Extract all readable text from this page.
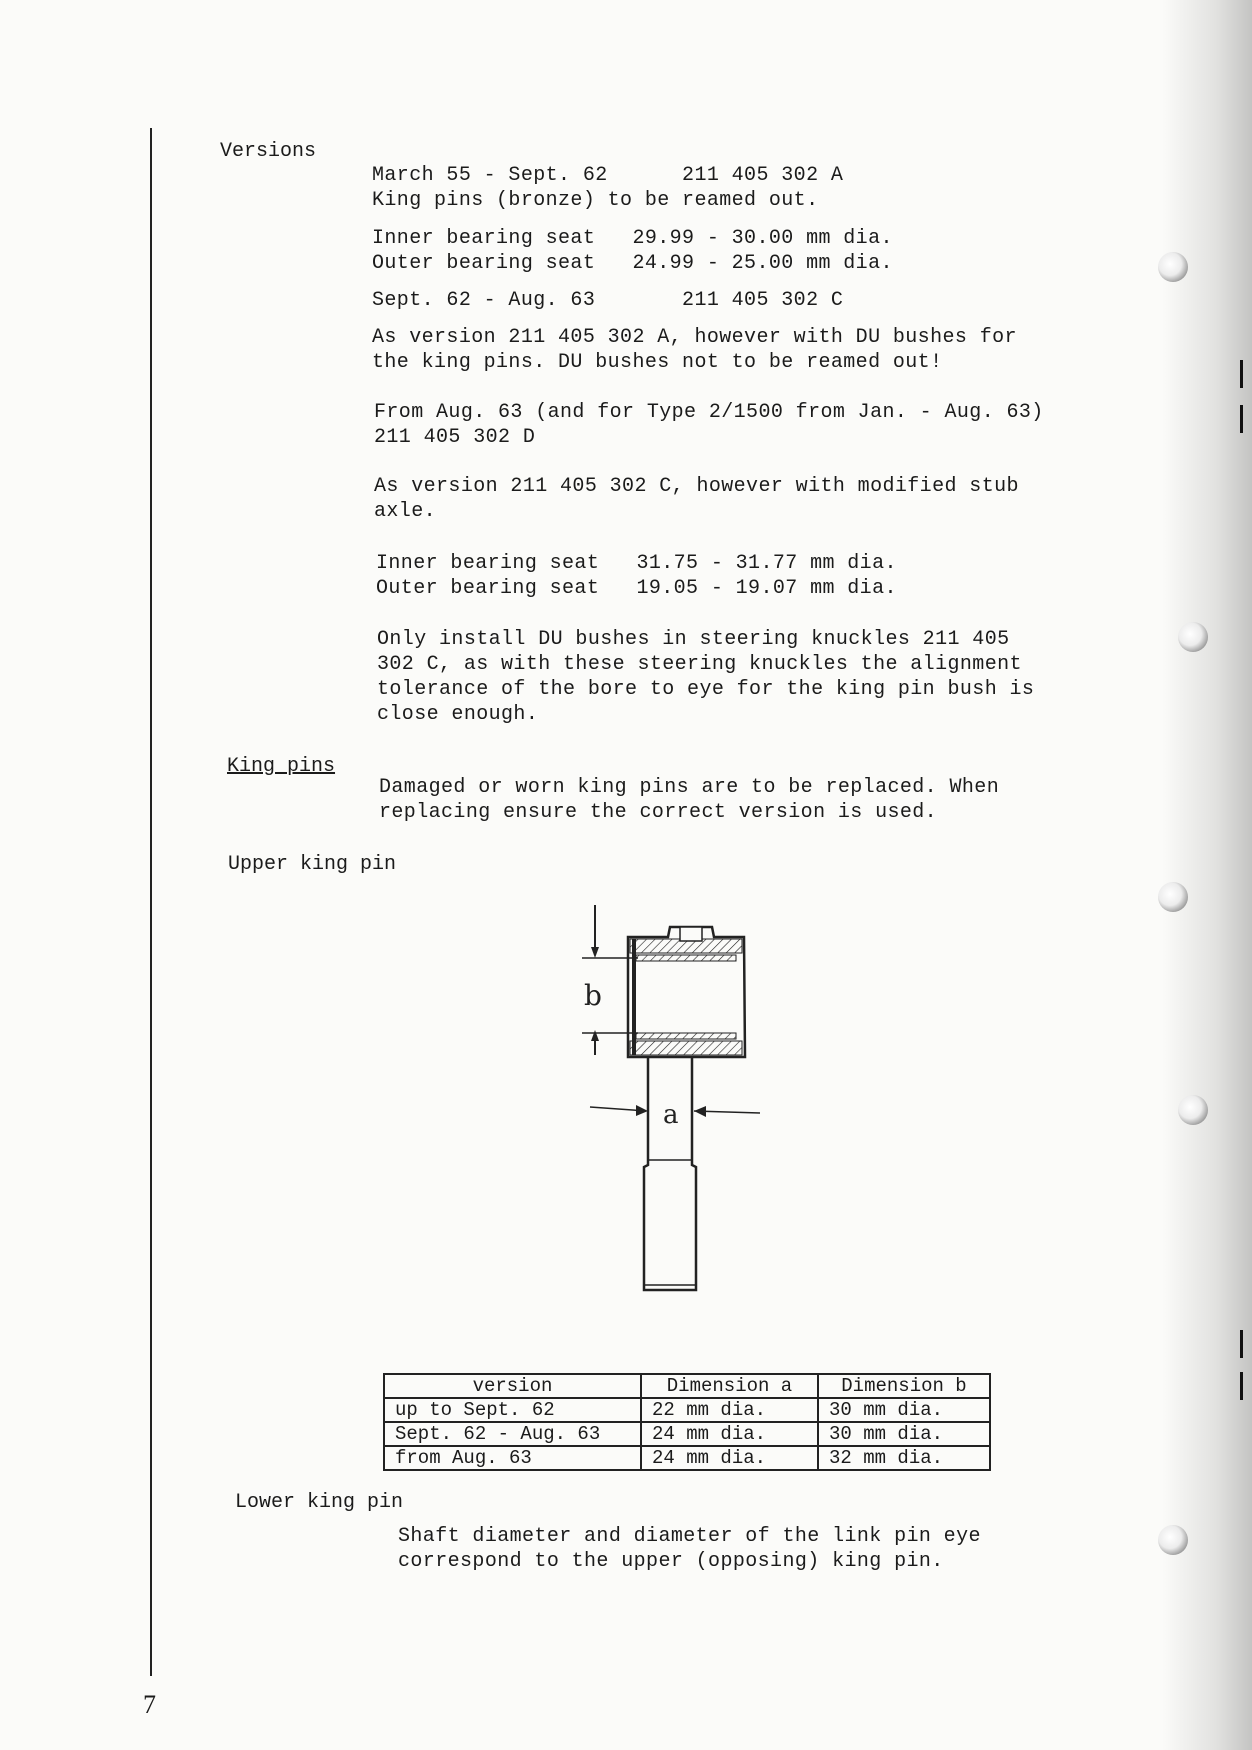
Versions
March 55 - Sept. 62      211 405 302 A
King pins (bronze) to be reamed out.
Inner bearing seat   29.99 - 30.00 mm dia.
Outer bearing seat   24.99 - 25.00 mm dia.
Sept. 62 - Aug. 63       211 405 302 C
As version 211 405 302 A, however with DU bushes for
the king pins. DU bushes not to be reamed out!
From Aug. 63 (and for Type 2/1500 from Jan. - Aug. 63)
211 405 302 D
As version 211 405 302 C, however with modified stub
axle.
Inner bearing seat   31.75 - 31.77 mm dia.
Outer bearing seat   19.05 - 19.07 mm dia.
Only install DU bushes in steering knuckles 211 405
302 C, as with these steering knuckles the alignment
tolerance of the bore to eye for the king pin bush is
close enough.
King pins
Damaged or worn king pins are to be replaced. When
replacing ensure the correct version is used.
Upper king pin
b
a
version	Dimension a	Dimension b
up to Sept. 62	22 mm dia.	30 mm dia.
Sept. 62 - Aug. 63	24 mm dia.	30 mm dia.
from Aug. 63	24 mm dia.	32 mm dia.
Lower king pin
Shaft diameter and diameter of the link pin eye
correspond to the upper (opposing) king pin.
7
